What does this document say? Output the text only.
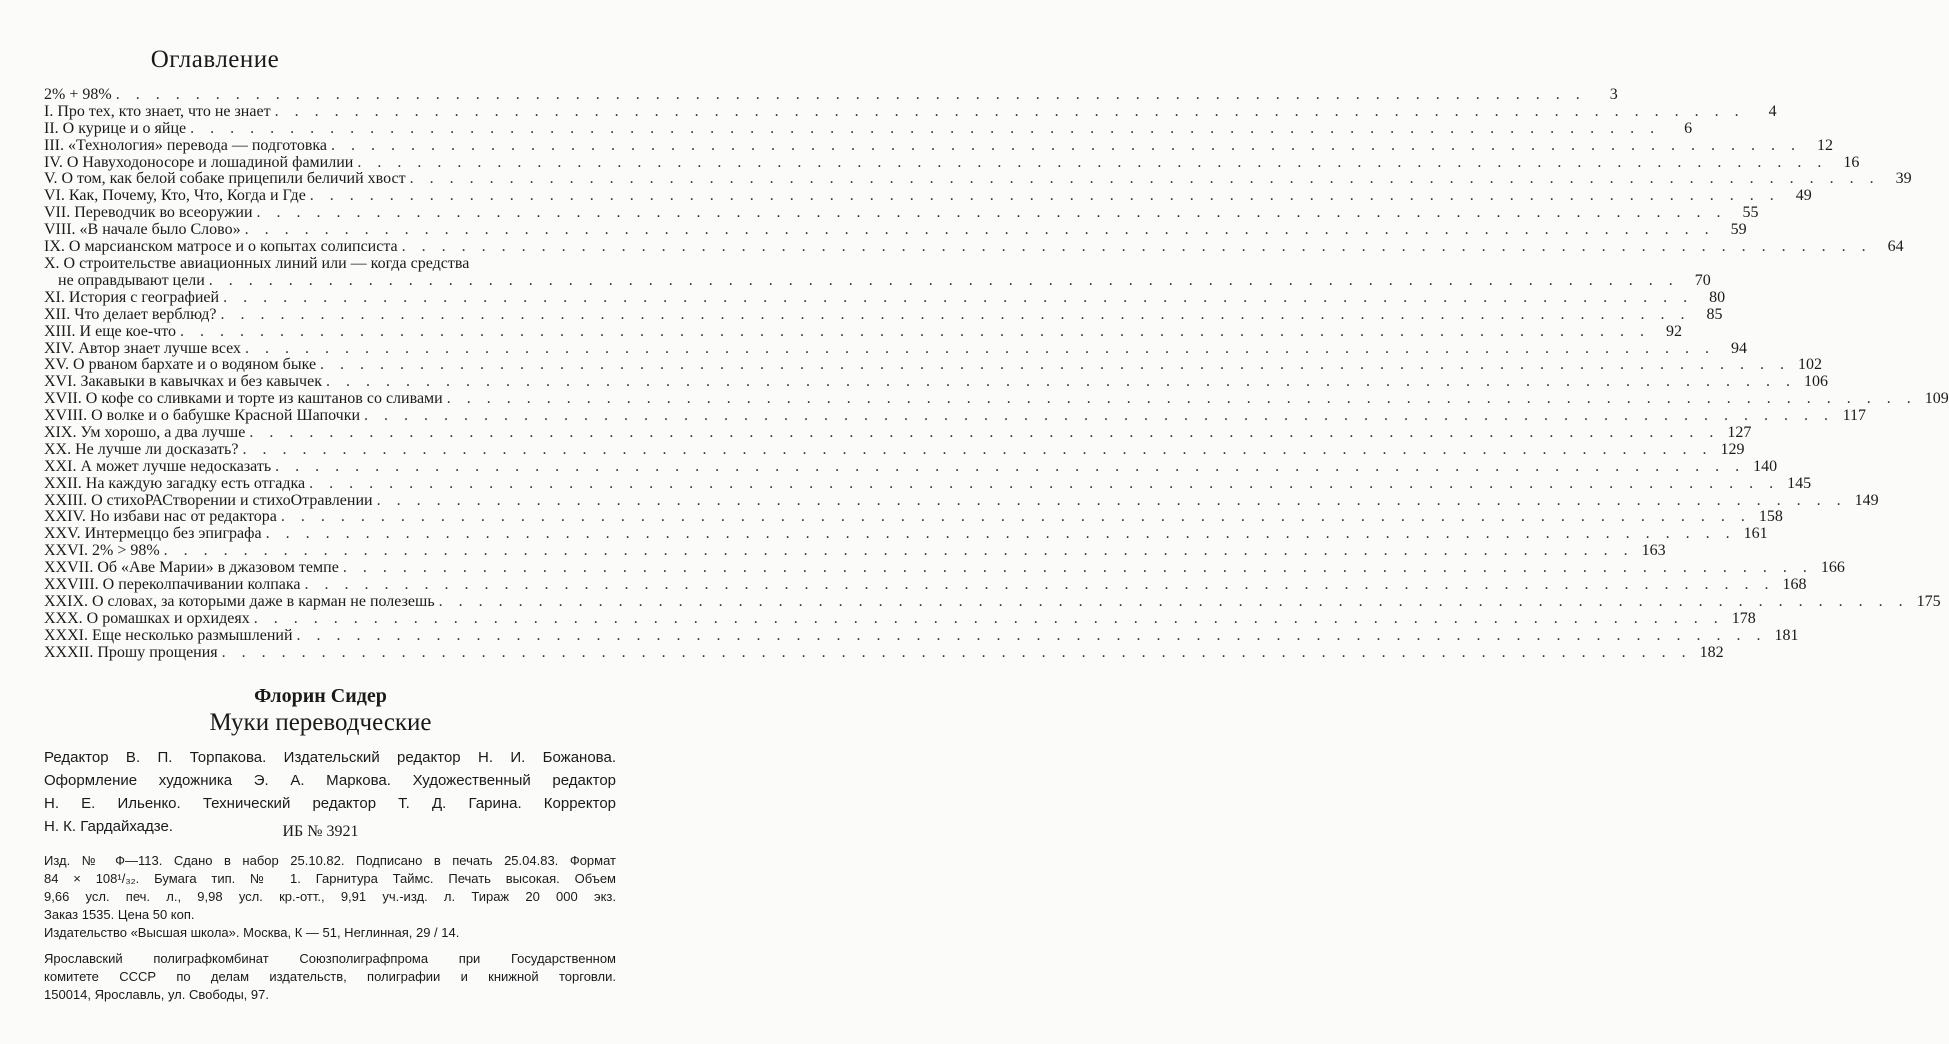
Оглавление
2% + 98% . . .	3
I. Про тех, кто знает, что не знает . . .	4
II. О курице и о яйце . . .	6
III. «Технология» перевода — подготовка . . .	12
IV. О Навуходоносоре и лошадиной фамилии . . .	16
V. О том, как белой собаке прицепили беличий хвост . . .	39
VI. Как, Почему, Кто, Что, Когда и Где . . .	49
VII. Переводчик во всеоружии . . .	55
VIII. «В начале было Слово» . . .	59
IX. О марсианском матросе и о копытах солипсиста . . .	64
X. О строительстве авиационных линий или — когда средства
не оправдывают цели . . .	70
XI. История с географией . . .	80
XII. Что делает верблюд? . . .	85
XIII. И еще кое-что . . .	92
XIV. Автор знает лучше всех . . .	94
XV. О рваном бархате и о водяном быке . . .	102
XVI. Закавыки в кавычках и без кавычек . . .	106
XVII. О кофе со сливками и торте из каштанов со сливами . . .	109
XVIII. О волке и о бабушке Красной Шапочки . . .	117
XIX. Ум хорошо, а два лучше . . .	127
XX. Не лучше ли досказать? . . .	129
XXI. А может лучше недосказать . . .	140
XXII. На каждую загадку есть отгадка . . .	145
XXIII. О стихоРАСтворении и стихоОтравлении . . .	149
XXIV. Но избави нас от редактора . . .	158
XXV. Интермеццо без эпиграфа . . .	161
XXVI. 2% > 98% . . .	163
XXVII. Об «Аве Марии» в джазовом темпе . . .	166
XXVIII. О переколпачивании колпака . . .	168
XXIX. О словах, за которыми даже в карман не полезешь . . .	175
XXX. О ромашках и орхидеях . . .	178
XXXI. Еще несколько размышлений . . .	181
XXXII. Прошу прощения . . .	182
Флорин Сидер
Муки переводческие
Редактор В. П. Торпакова. Издательский редактор Н. И. Божанова.
Оформление художника Э. А. Маркова. Художественный редактор
Н. Е. Ильенко. Технический редактор Т. Д. Гарина. Корректор
Н. К. Гардайхадзе.	ИБ № 3921
Изд. № Ф—113. Сдано в набор 25.10.82. Подписано в печать 25.04.83. Формат
84 × 108¹/₃₂. Бумага тип. № 1. Гарнитура Таймс. Печать высокая. Объем
9,66 усл. печ. л., 9,98 усл. кр.-отт., 9,91 уч.-изд. л. Тираж 20 000 экз.
Заказ 1535. Цена 50 коп.
Издательство «Высшая школа». Москва, К — 51, Неглинная, 29 / 14.
Ярославский полиграфкомбинат Союзполиграфпрома при Государственном
комитете СССР по делам издательств, полиграфии и книжной торговли.
150014, Ярославль, ул. Свободы, 97.
